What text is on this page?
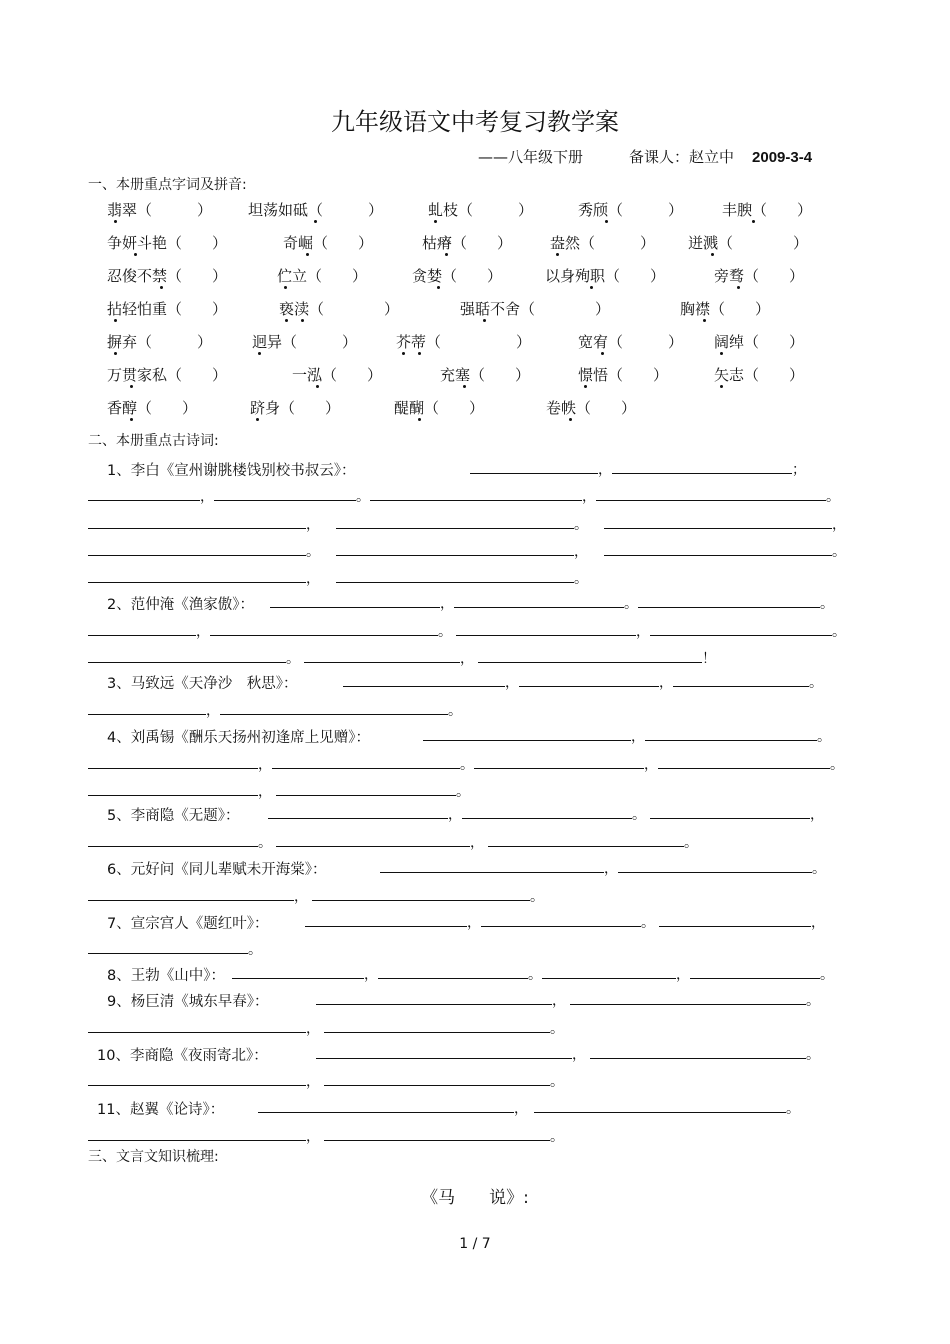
九年级语文中考复习教学案
——八年级下册	备课人：赵立中 2009-3-4
一、本册重点字词及拼音:
翡翠（　　　） 坦荡如砥（　　　）	虬枝（　　　）	秀颀（　　　）	丰腴（　　）
争妍斗艳（　　）	奇崛（　　）	枯瘠（　　）	盎然（　　　） 迸溅（　　　　）
忍俊不禁（　　）	伫立（　　）	贪婪（　　）	以身殉职（　　）	旁骛（　　）
拈轻怕重（　　）	亵渎（　　　　）	强聒不舍（　　　　）	胸襟（　　）
摒弃（　　　）	迥异（　　　）	芥蒂（　　　　　）	宽宥（　　　） 阔绰（　　）
万贯家私（　　）	一泓（　　）	充塞（　　）	憬悟（　　）	矢志（　　）
香醇（　　）	跻身（　　）	醍醐（　　）	卷帙（　　）
二、本册重点古诗词:
1、李白《宣州谢朓楼饯别校书叔云》：	，	；
，	。	，	。
，	。	，
。	，	。
，	。
2、范仲淹《渔家傲》：	，	。	。
，	。	，	。
。	，	！
3、马致远《天净沙　秋思》：	，	，	。
，	。
4、刘禹锡《酬乐天扬州初逢席上见赠》：	，	。
，	。	，	。
，	。
5、李商隐《无题》：	，	。	，
。	，	。
6、元好问《同儿辈赋未开海棠》：	，	。
，	。
7、宣宗宫人《题红叶》：	，	。	，
。
8、王勃《山中》：	，	。	，	。
9、杨巨清《城东早春》：	，	。
，	。
10、李商隐《夜雨寄北》：	，	。
，	。
11、赵翼《论诗》：	，	。
，	。
三、文言文知识梳理:
《马　　说》:
1 / 7
